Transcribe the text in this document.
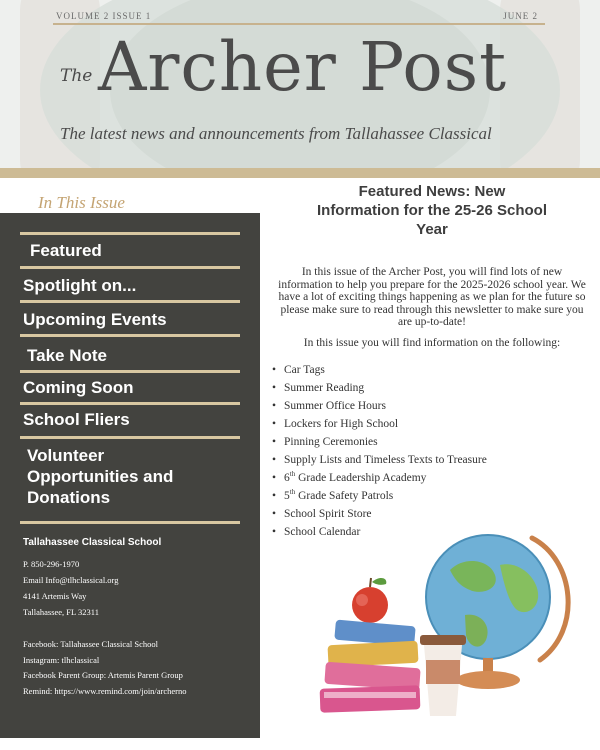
VOLUME 2 ISSUE 1	JUNE 2
The Archer Post
The latest news and announcements from Tallahassee Classical
In This Issue
Featured
Spotlight on...
Upcoming Events
Take Note
Coming Soon
School Fliers
Volunteer
Opportunities and
Donations
Tallahassee Classical School
P. 850-296-1970
Email Info@tlhclassical.org
4141 Artemis Way
Tallahassee, FL 32311
Facebook: Tallahassee Classical School
Instagram: tlhclassical
Facebook Parent Group: Artemis Parent Group
Remind: https://www.remind.com/join/archerno
Featured News: New
Information for the 25-26 School
Year
In this issue of the Archer Post, you will find lots of new information to help you prepare for the 2025-2026 school year. We have a lot of exciting things happening as we plan for the future so please make sure to read through this newsletter to make sure you are up-to-date!
In this issue you will find information on the following:
• Car Tags
• Summer Reading
• Summer Office Hours
• Lockers for High School
• Pinning Ceremonies
• Supply Lists and Timeless Texts to Treasure
• 6th Grade Leadership Academy
• 5th Grade Safety Patrols
• School Spirit Store
• School Calendar
